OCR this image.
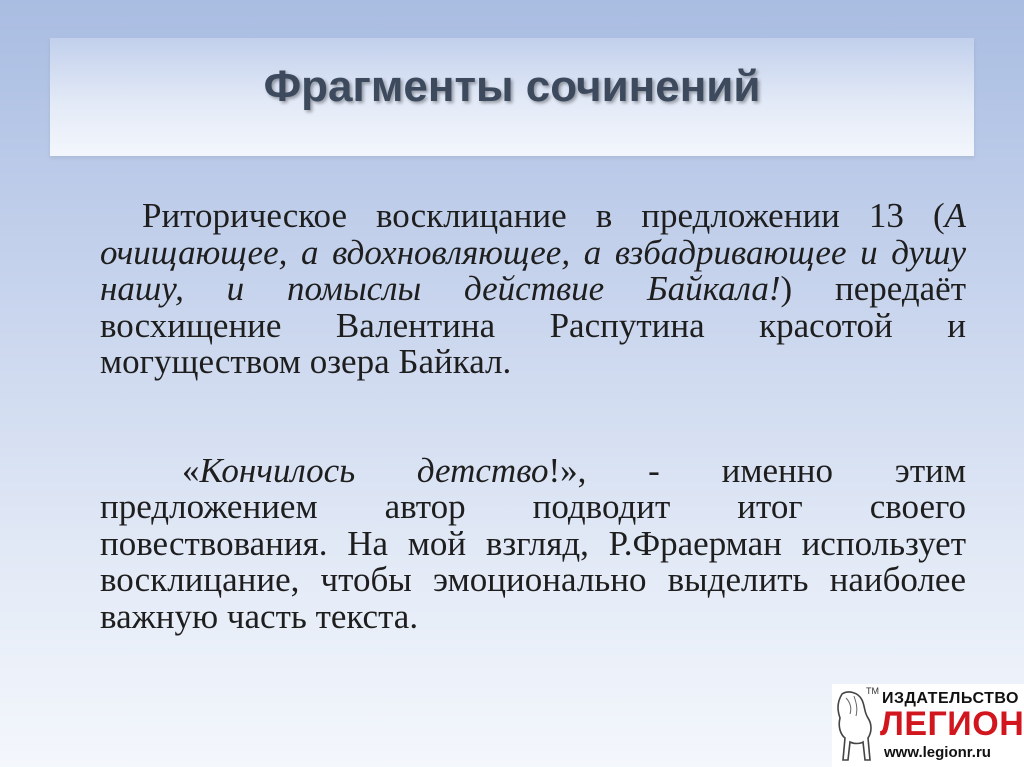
Фрагменты сочинений

Риторическое восклицание в предложении 13 (А очищающее, а вдохновляющее, а взбадривающее и душу нашу, и помыслы действие Байкала!) передаёт восхищение Валентина Распутина красотой и могуществом озера Байкал.

«Кончилось детство!», - именно этим предложением автор подводит итог своего повествования. На мой взгляд, Р.Фраерман использует восклицание, чтобы эмоционально выделить наиболее важную часть текста.

TM ИЗДАТЕЛЬСТВО
ЛЕГИОН
www.legionr.ru
